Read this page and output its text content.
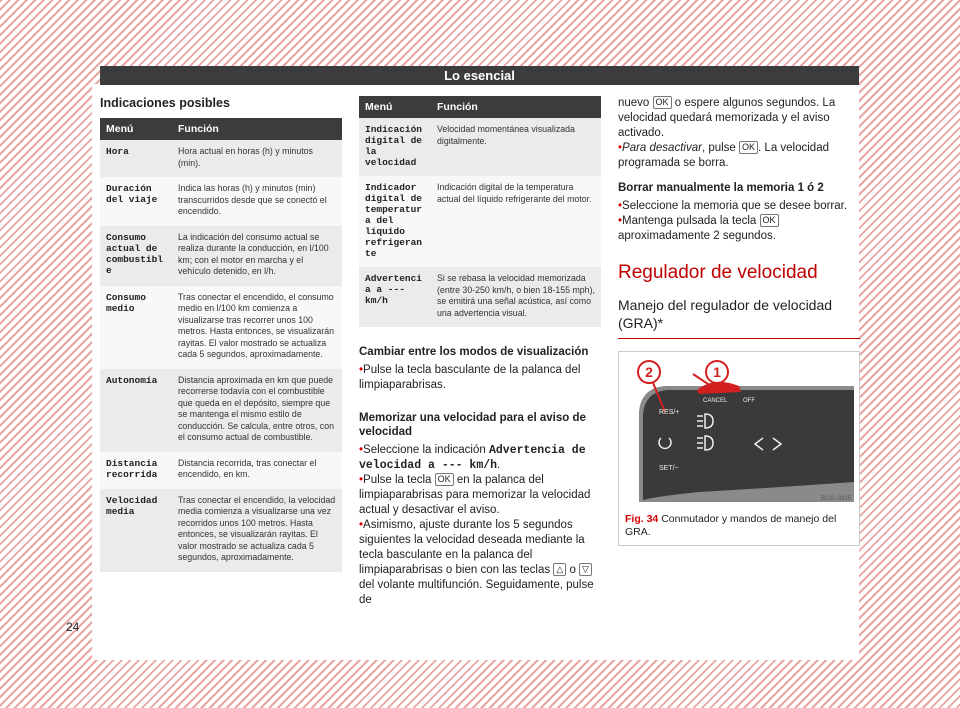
Lo esencial
Indicaciones posibles
Menú	Función
Hora	Hora actual en horas (h) y minutos (min).
Duración del viaje	Indica las horas (h) y minutos (min) transcurridos desde que se conectó el encendido.
Consumo actual de combustible	La indicación del consumo actual se realiza durante la conducción, en l/100 km; con el motor en marcha y el vehículo detenido, en l/h.
Consumo medio	Tras conectar el encendido, el consumo medio en l/100 km comienza a visualizarse tras recorrer unos 100 metros. Hasta entonces, se visualizarán rayitas. El valor mostrado se actualiza cada 5 segundos, aproximadamente.
Autonomía	Distancia aproximada en km que puede recorrerse todavía con el combustible que queda en el depósito, siempre que se mantenga el mismo estilo de conducción. Se calcula, entre otros, con el consumo actual de combustible.
Distancia recorrida	Distancia recorrida, tras conectar el encendido, en km.
Velocidad media	Tras conectar el encendido, la velocidad media comienza a visualizarse una vez recorridos unos 100 metros. Hasta entonces, se visualizarán rayitas. El valor mostrado se actualiza cada 5 segundos, aproximadamente.
Menú	Función
Indicación digital de la velocidad	Velocidad momentánea visualizada digitalmente.
Indicador digital de temperatura del líquido refrigerante	Indicación digital de la temperatura actual del líquido refrigerante del motor.
Advertencia a --- km/h	Si se rebasa la velocidad memorizada (entre 30-250 km/h, o bien 18-155 mph), se emitirá una señal acústica, así como una advertencia visual.
Cambiar entre los modos de visualización
• Pulse la tecla basculante de la palanca del limpiaparabrisas.
Memorizar una velocidad para el aviso de velocidad
• Seleccione la indicación Advertencia de velocidad a --- km/h.
• Pulse la tecla OK en la palanca del limpiaparabrisas para memorizar la velocidad actual y desactivar el aviso.
• Asimismo, ajuste durante los 5 segundos siguientes la velocidad deseada mediante la tecla basculante en la palanca del limpiaparabrisas o bien con las teclas △ o ▽ del volante multifunción. Seguidamente, pulse de
nuevo OK o espere algunos segundos. La velocidad quedará memorizada y el aviso activado.
• Para desactivar, pulse OK . La velocidad programada se borra.
Borrar manualmente la memoria 1 ó 2
• Seleccione la memoria que se desee borrar.
• Mantenga pulsada la tecla OK aproximadamente 2 segundos.
Regulador de velocidad
Manejo del regulador de velocidad (GRA)*
1
2
RES/+
CANCEL	OFF
SET/−
B1SL-0325
Fig. 34 Conmutador y mandos de manejo del GRA.
24
